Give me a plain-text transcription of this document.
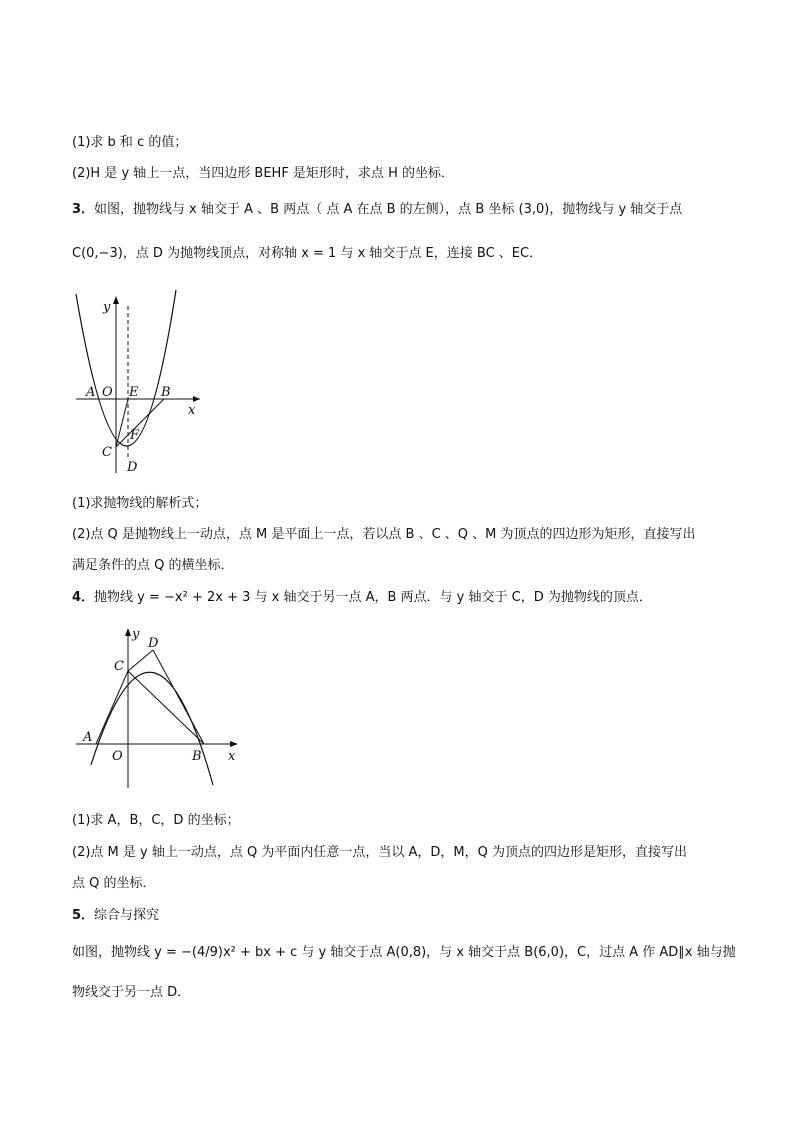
(1)求 b 和 c 的值；
(2)H 是 y 轴上一点，当四边形 BEHF 是矩形时，求点 H 的坐标．
3．如图，抛物线与 x 轴交于 A 、B 两点（ 点 A 在点 B 的左侧），点 B 坐标 (3,0)，抛物线与 y 轴交于点
C(0,−3)，点 D 为抛物线顶点，对称轴 x = 1 与 x 轴交于点 E，连接 BC 、EC．
y
x
A O E B
F
C
D
(1)求抛物线的解析式；
(2)点 Q 是抛物线上一动点，点 M 是平面上一点，若以点 B 、C 、Q 、M 为顶点的四边形为矩形，直接写出
满足条件的点 Q 的横坐标．
4．抛物线 y = −x² + 2x + 3 与 x 轴交于另一点 A，B 两点．与 y 轴交于 C，D 为抛物线的顶点．
y
x
D
C
A
O	B
(1)求 A，B，C，D 的坐标；
(2)点 M 是 y 轴上一动点，点 Q 为平面内任意一点，当以 A，D，M，Q 为顶点的四边形是矩形，直接写出
点 Q 的坐标．
5．综合与探究
如图，抛物线 y = −(4/9)x² + bx + c 与 y 轴交于点 A(0,8)，与 x 轴交于点 B(6,0)，C，过点 A 作 AD∥x 轴与抛
物线交于另一点 D．
